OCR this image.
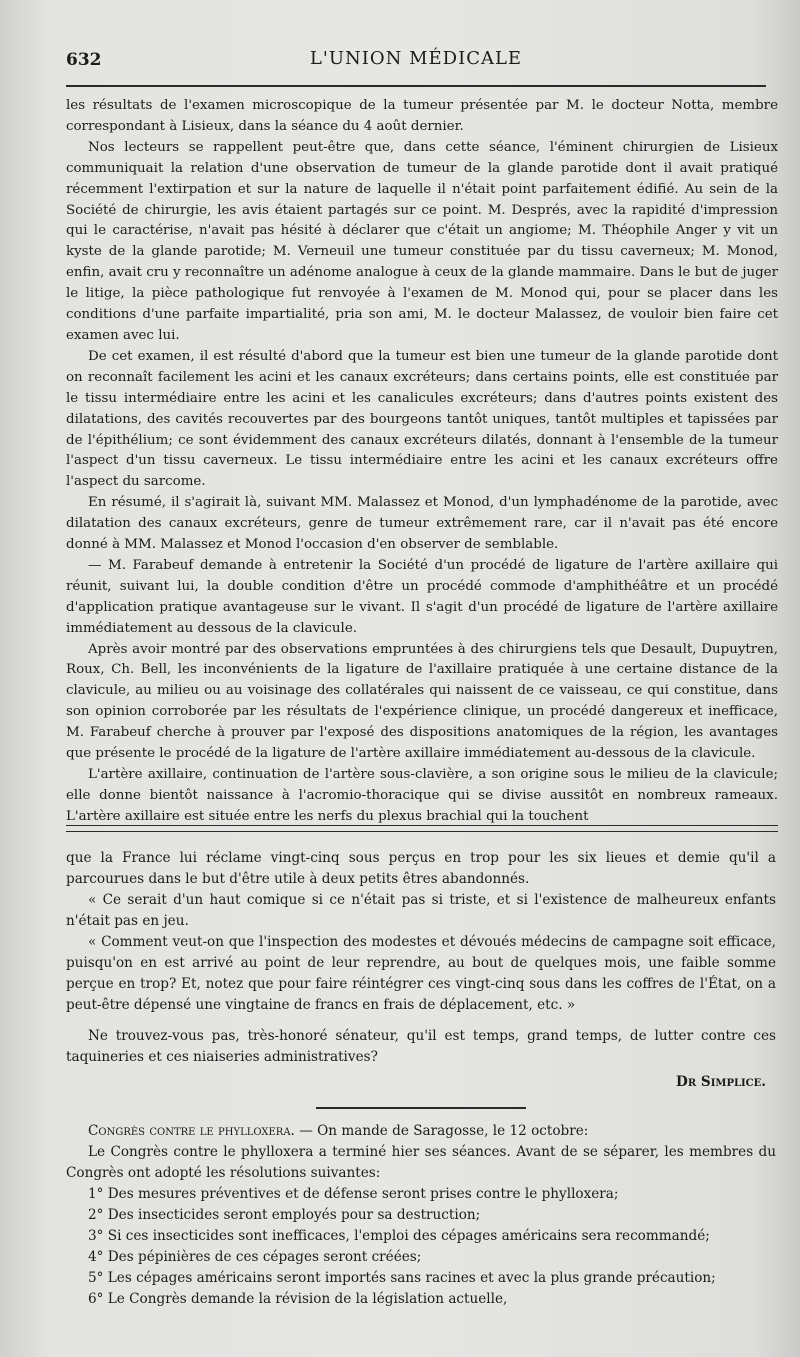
632	L'UNION MÉDICALE

les résultats de l'examen microscopique de la tumeur présentée par M. le docteur Notta, membre correspondant à Lisieux, dans la séance du 4 août dernier.

Nos lecteurs se rappellent peut-être que, dans cette séance, l'éminent chirurgien de Lisieux communiquait la relation d'une observation de tumeur de la glande parotide dont il avait pratiqué récemment l'extirpation et sur la nature de laquelle il n'était point parfaitement édifié. Au sein de la Société de chirurgie, les avis étaient partagés sur ce point. M. Després, avec la rapidité d'impression qui le caractérise, n'avait pas hésité à déclarer que c'était un angiome; M. Théophile Anger y vit un kyste de la glande parotide; M. Verneuil une tumeur constituée par du tissu caverneux; M. Monod, enfin, avait cru y reconnaître un adénome analogue à ceux de la glande mammaire. Dans le but de juger le litige, la pièce pathologique fut renvoyée à l'examen de M. Monod qui, pour se placer dans les conditions d'une parfaite impartialité, pria son ami, M. le docteur Malassez, de vouloir bien faire cet examen avec lui.

De cet examen, il est résulté d'abord que la tumeur est bien une tumeur de la glande parotide dont on reconnaît facilement les acini et les canaux excréteurs; dans certains points, elle est constituée par le tissu intermédiaire entre les acini et les canalicules excréteurs; dans d'autres points existent des dilatations, des cavités recouvertes par des bourgeons tantôt uniques, tantôt multiples et tapissées par de l'épithélium; ce sont évidemment des canaux excréteurs dilatés, donnant à l'ensemble de la tumeur l'aspect d'un tissu caverneux. Le tissu intermédiaire entre les acini et les canaux excréteurs offre l'aspect du sarcome.

En résumé, il s'agirait là, suivant MM. Malassez et Monod, d'un lymphadénome de la parotide, avec dilatation des canaux excréteurs, genre de tumeur extrêmement rare, car il n'avait pas été encore donné à MM. Malassez et Monod l'occasion d'en observer de semblable.

— M. Farabeuf demande à entretenir la Société d'un procédé de ligature de l'artère axillaire qui réunit, suivant lui, la double condition d'être un procédé commode d'amphithéâtre et un procédé d'application pratique avantageuse sur le vivant. Il s'agit d'un procédé de ligature de l'artère axillaire immédiatement au dessous de la clavicule.

Après avoir montré par des observations empruntées à des chirurgiens tels que Desault, Dupuytren, Roux, Ch. Bell, les inconvénients de la ligature de l'axillaire pratiquée à une certaine distance de la clavicule, au milieu ou au voisinage des collatérales qui naissent de ce vaisseau, ce qui constitue, dans son opinion corroborée par les résultats de l'expérience clinique, un procédé dangereux et inefficace, M. Farabeuf cherche à prouver par l'exposé des dispositions anatomiques de la région, les avantages que présente le procédé de la ligature de l'artère axillaire immédiatement au-dessous de la clavicule.

L'artère axillaire, continuation de l'artère sous-clavière, a son origine sous le milieu de la clavicule; elle donne bientôt naissance à l'acromio-thoracique qui se divise aussitôt en nombreux rameaux. L'artère axillaire est située entre les nerfs du plexus brachial qui la touchent

que la France lui réclame vingt-cinq sous perçus en trop pour les six lieues et demie qu'il a parcourues dans le but d'être utile à deux petits êtres abandonnés.

« Ce serait d'un haut comique si ce n'était pas si triste, et si l'existence de malheureux enfants n'était pas en jeu.

« Comment veut-on que l'inspection des modestes et dévoués médecins de campagne soit efficace, puisqu'on en est arrivé au point de leur reprendre, au bout de quelques mois, une faible somme perçue en trop? Et, notez que pour faire réintégrer ces vingt-cinq sous dans les coffres de l'État, on a peut-être dépensé une vingtaine de francs en frais de déplacement, etc. »

Ne trouvez-vous pas, très-honoré sénateur, qu'il est temps, grand temps, de lutter contre ces taquineries et ces niaiseries administratives?

Dr Simplice.

Congrès contre le phylloxera. — On mande de Saragosse, le 12 octobre:

Le Congrès contre le phylloxera a terminé hier ses séances. Avant de se séparer, les membres du Congrès ont adopté les résolutions suivantes:

1° Des mesures préventives et de défense seront prises contre le phylloxera;
2° Des insecticides seront employés pour sa destruction;
3° Si ces insecticides sont inefficaces, l'emploi des cépages américains sera recommandé;
4° Des pépinières de ces cépages seront créées;
5° Les cépages américains seront importés sans racines et avec la plus grande précaution;
6° Le Congrès demande la révision de la législation actuelle,
